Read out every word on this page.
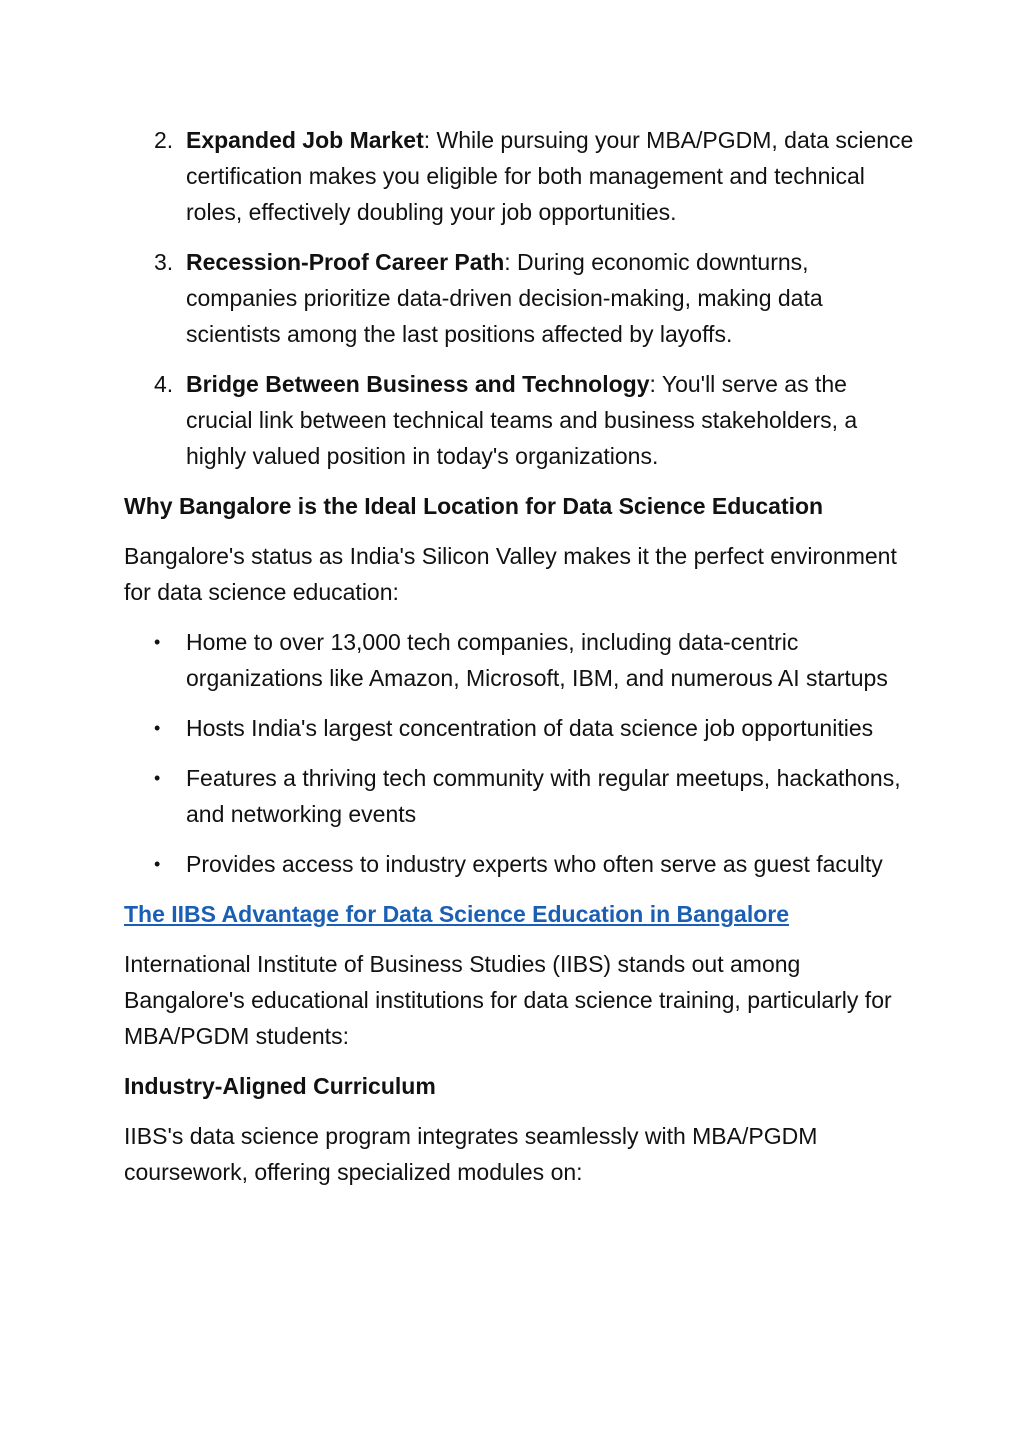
2. Expanded Job Market: While pursuing your MBA/PGDM, data science certification makes you eligible for both management and technical roles, effectively doubling your job opportunities.
3. Recession-Proof Career Path: During economic downturns, companies prioritize data-driven decision-making, making data scientists among the last positions affected by layoffs.
4. Bridge Between Business and Technology: You'll serve as the crucial link between technical teams and business stakeholders, a highly valued position in today's organizations.

Why Bangalore is the Ideal Location for Data Science Education

Bangalore's status as India's Silicon Valley makes it the perfect environment for data science education:

• Home to over 13,000 tech companies, including data-centric organizations like Amazon, Microsoft, IBM, and numerous AI startups
• Hosts India's largest concentration of data science job opportunities
• Features a thriving tech community with regular meetups, hackathons, and networking events
• Provides access to industry experts who often serve as guest faculty
The IIBS Advantage for Data Science Education in Bangalore

International Institute of Business Studies (IIBS) stands out among Bangalore's educational institutions for data science training, particularly for MBA/PGDM students:

Industry-Aligned Curriculum

IIBS's data science program integrates seamlessly with MBA/PGDM coursework, offering specialized modules on:
